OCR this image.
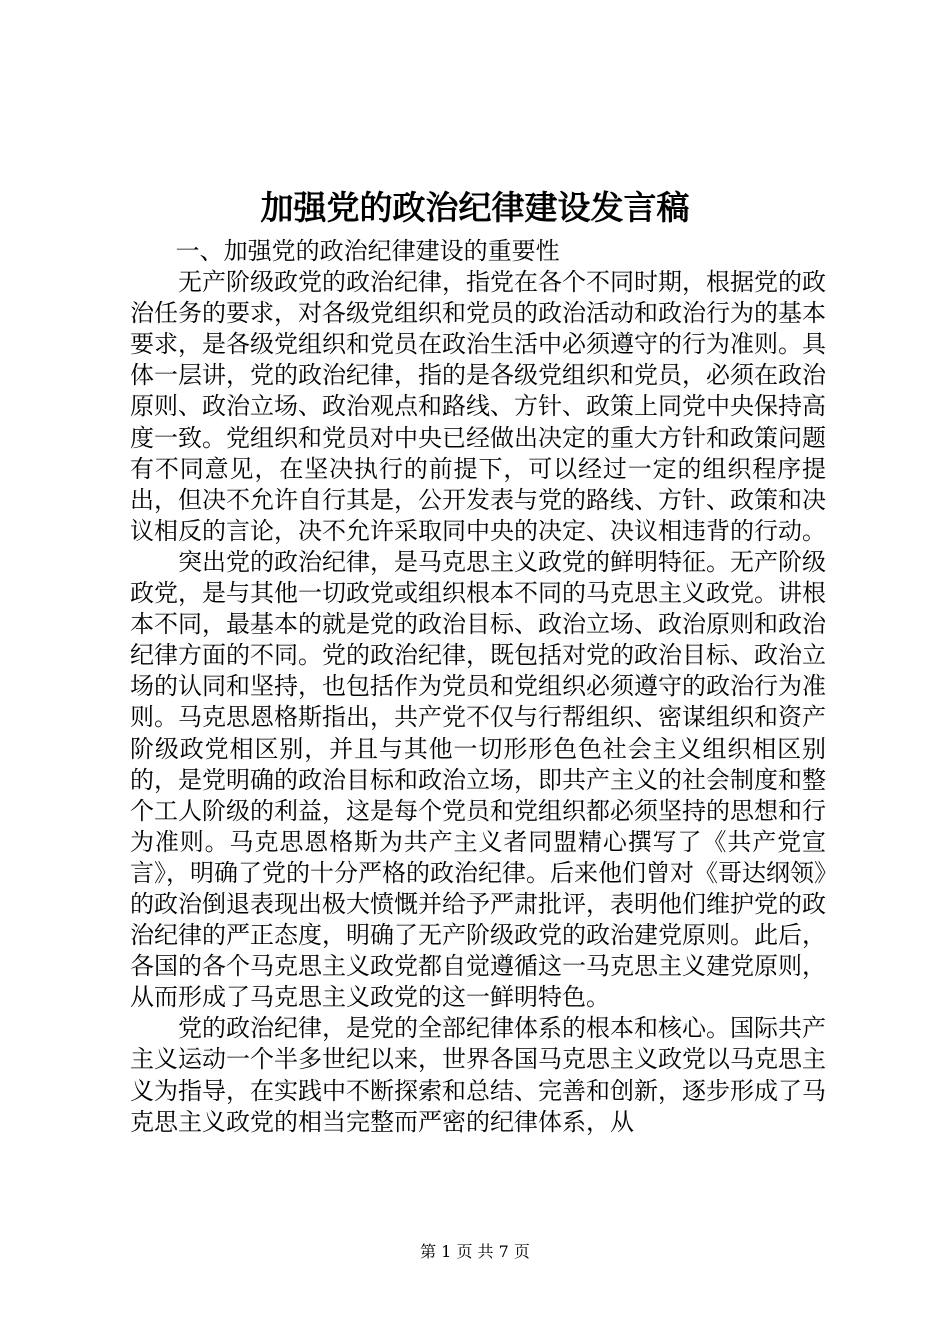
加强党的政治纪律建设发言稿

一、加强党的政治纪律建设的重要性

无产阶级政党的政治纪律，指党在各个不同时期，根据党的政治任务的要求，对各级党组织和党员的政治活动和政治行为的基本要求，是各级党组织和党员在政治生活中必须遵守的行为准则。具体一层讲，党的政治纪律，指的是各级党组织和党员，必须在政治原则、政治立场、政治观点和路线、方针、政策上同党中央保持高度一致。党组织和党员对中央已经做出决定的重大方针和政策问题有不同意见，在坚决执行的前提下，可以经过一定的组织程序提出，但决不允许自行其是，公开发表与党的路线、方针、政策和决议相反的言论，决不允许采取同中央的决定、决议相违背的行动。

突出党的政治纪律，是马克思主义政党的鲜明特征。无产阶级政党，是与其他一切政党或组织根本不同的马克思主义政党。讲根本不同，最基本的就是党的政治目标、政治立场、政治原则和政治纪律方面的不同。党的政治纪律，既包括对党的政治目标、政治立场的认同和坚持，也包括作为党员和党组织必须遵守的政治行为准则。马克思恩格斯指出，共产党不仅与行帮组织、密谋组织和资产阶级政党相区别，并且与其他一切形形色色社会主义组织相区别的，是党明确的政治目标和政治立场，即共产主义的社会制度和整个工人阶级的利益，这是每个党员和党组织都必须坚持的思想和行为准则。马克思恩格斯为共产主义者同盟精心撰写了《共产党宣言》，明确了党的十分严格的政治纪律。后来他们曾对《哥达纲领》的政治倒退表现出极大愤慨并给予严肃批评，表明他们维护党的政治纪律的严正态度，明确了无产阶级政党的政治建党原则。此后，各国的各个马克思主义政党都自觉遵循这一马克思主义建党原则，从而形成了马克思主义政党的这一鲜明特色。

党的政治纪律，是党的全部纪律体系的根本和核心。国际共产主义运动一个半多世纪以来，世界各国马克思主义政党以马克思主义为指导，在实践中不断探索和总结、完善和创新，逐步形成了马克思主义政党的相当完整而严密的纪律体系，从

第 1 页 共 7 页
